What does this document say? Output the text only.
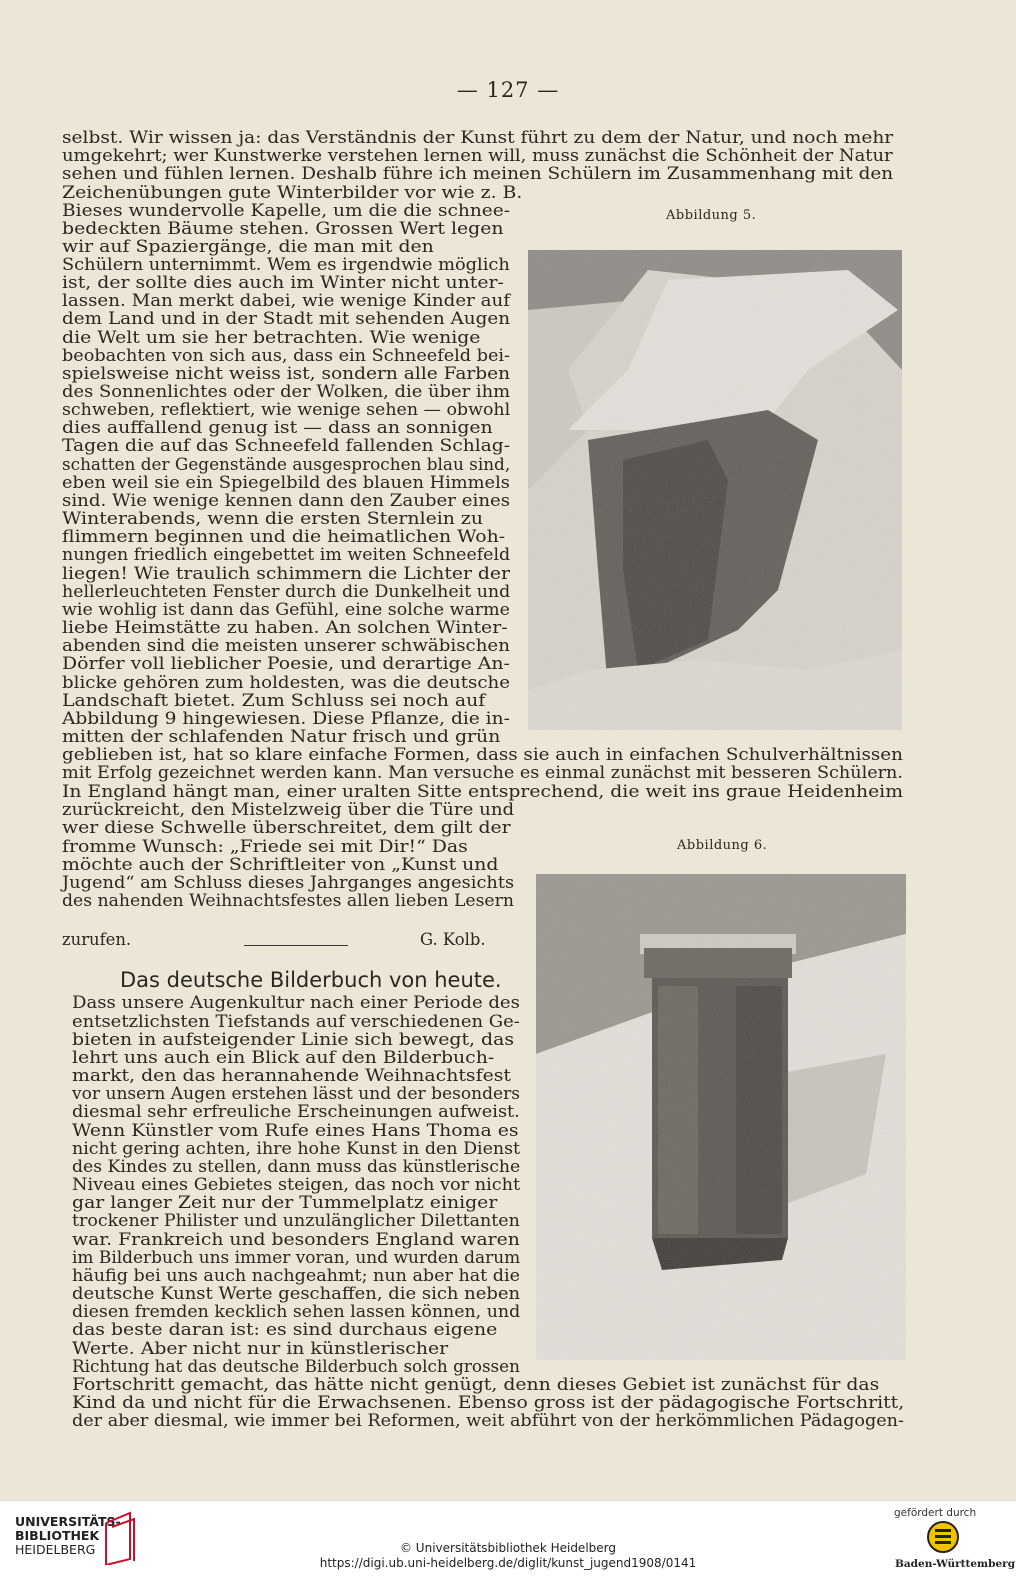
— 127 —
selbst. Wir wissen ja: das Verständnis der Kunst führt zu dem der Natur, und noch mehr
umgekehrt; wer Kunstwerke verstehen lernen will, muss zunächst die Schönheit der Natur
sehen und fühlen lernen. Deshalb führe ich meinen Schülern im Zusammenhang mit den
Zeichenübungen gute Winterbilder vor wie z. B.
Bieses wundervolle Kapelle, um die die schnee-
bedeckten Bäume stehen. Grossen Wert legen
wir auf Spaziergänge, die man mit den
Schülern unternimmt. Wem es irgendwie möglich
ist, der sollte dies auch im Winter nicht unter-
lassen. Man merkt dabei, wie wenige Kinder auf
dem Land und in der Stadt mit sehenden Augen
die Welt um sie her betrachten. Wie wenige
beobachten von sich aus, dass ein Schneefeld bei-
spielsweise nicht weiss ist, sondern alle Farben
des Sonnenlichtes oder der Wolken, die über ihm
schweben, reflektiert, wie wenige sehen — obwohl
dies auffallend genug ist — dass an sonnigen
Tagen die auf das Schneefeld fallenden Schlag-
schatten der Gegenstände ausgesprochen blau sind,
eben weil sie ein Spiegelbild des blauen Himmels
sind. Wie wenige kennen dann den Zauber eines
Winterabends, wenn die ersten Sternlein zu
flimmern beginnen und die heimatlichen Woh-
nungen friedlich eingebettet im weiten Schneefeld
liegen! Wie traulich schimmern die Lichter der
hellerleuchteten Fenster durch die Dunkelheit und
wie wohlig ist dann das Gefühl, eine solche warme
liebe Heimstätte zu haben. An solchen Winter-
abenden sind die meisten unserer schwäbischen
Dörfer voll lieblicher Poesie, und derartige An-
blicke gehören zum holdesten, was die deutsche
Landschaft bietet. Zum Schluss sei noch auf
Abbildung 9 hingewiesen. Diese Pflanze, die in-
mitten der schlafenden Natur frisch und grün
geblieben ist, hat so klare einfache Formen, dass sie auch in einfachen Schulverhältnissen
mit Erfolg gezeichnet werden kann. Man versuche es einmal zunächst mit besseren Schülern.
In England hängt man, einer uralten Sitte entsprechend, die weit ins graue Heidenheim
zurückreicht, den Mistelzweig über die Türe und
wer diese Schwelle überschreitet, dem gilt der
fromme Wunsch: „Friede sei mit Dir!“ Das
möchte auch der Schriftleiter von „Kunst und
Jugend“ am Schluss dieses Jahrganges angesichts
des nahenden Weihnachtsfestes allen lieben Lesern
zurufen.	G. Kolb.
Das deutsche Bilderbuch von heute.
Dass unsere Augenkultur nach einer Periode des
entsetzlichsten Tiefstands auf verschiedenen Ge-
bieten in aufsteigender Linie sich bewegt, das
lehrt uns auch ein Blick auf den Bilderbuch-
markt, den das herannahende Weihnachtsfest
vor unsern Augen erstehen lässt und der besonders
diesmal sehr erfreuliche Erscheinungen aufweist.
Wenn Künstler vom Rufe eines Hans Thoma es
nicht gering achten, ihre hohe Kunst in den Dienst
des Kindes zu stellen, dann muss das künstlerische
Niveau eines Gebietes steigen, das noch vor nicht
gar langer Zeit nur der Tummelplatz einiger
trockener Philister und unzulänglicher Dilettanten
war. Frankreich und besonders England waren
im Bilderbuch uns immer voran, und wurden darum
häufig bei uns auch nachgeahmt; nun aber hat die
deutsche Kunst Werte geschaffen, die sich neben
diesen fremden kecklich sehen lassen können, und
das beste daran ist: es sind durchaus eigene
Werte. Aber nicht nur in künstlerischer
Richtung hat das deutsche Bilderbuch solch grossen
Fortschritt gemacht, das hätte nicht genügt, denn dieses Gebiet ist zunächst für das
Kind da und nicht für die Erwachsenen. Ebenso gross ist der pädagogische Fortschritt,
der aber diesmal, wie immer bei Reformen, weit abführt von der herkömmlichen Pädagogen-
Abbildung 5.
Abbildung 6.
UNIVERSITÄTS-
BIBLIOTHEK
HEIDELBERG	© Universitätsbibliothek Heidelberg
https://digi.ub.uni-heidelberg.de/diglit/kunst_jugend1908/0141
gefördert durch
Baden-Württemberg
